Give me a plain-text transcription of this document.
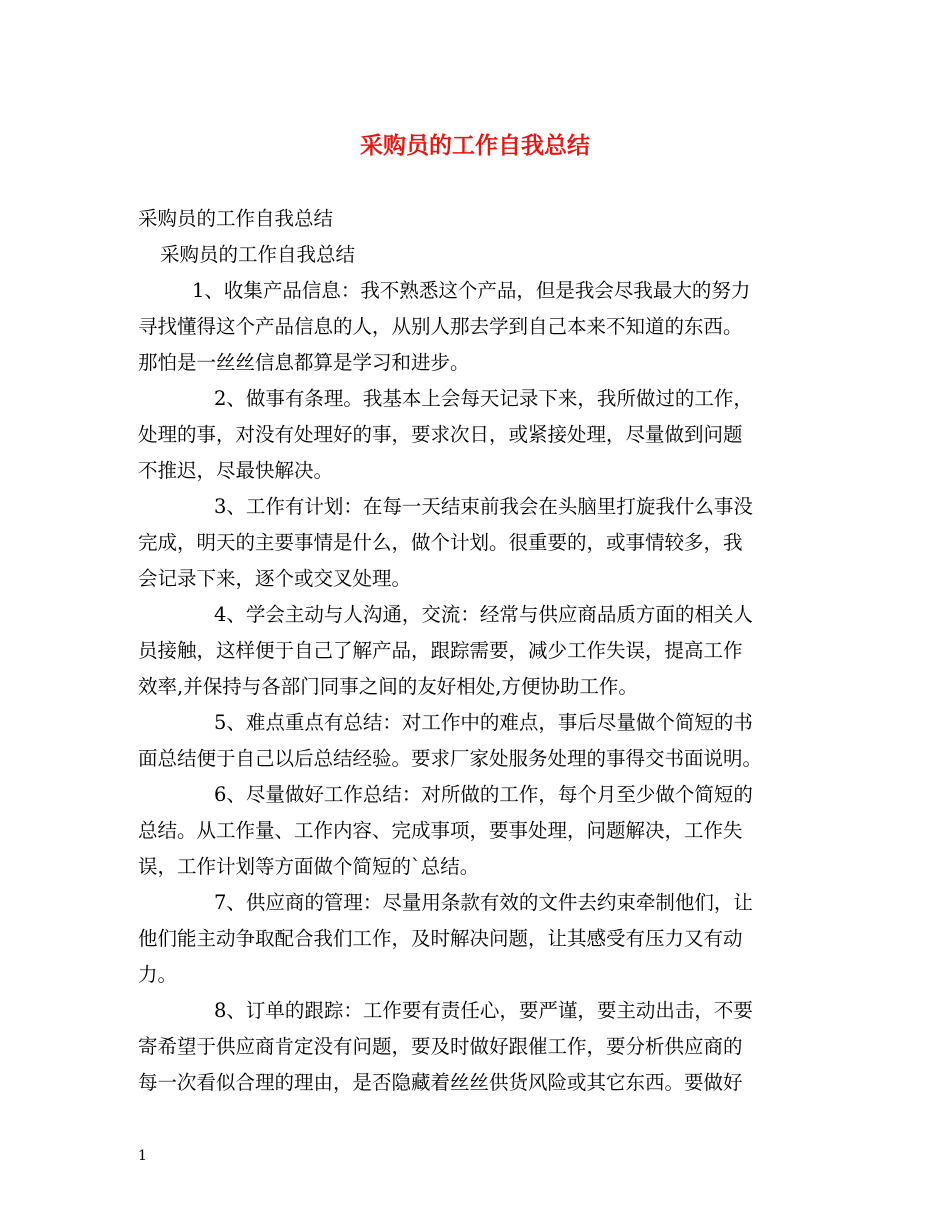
采购员的工作自我总结
采购员的工作自我总结
采购员的工作自我总结
1、收集产品信息：我不熟悉这个产品，但是我会尽我最大的努力
寻找懂得这个产品信息的人，从别人那去学到自己本来不知道的东西。
那怕是一丝丝信息都算是学习和进步。
2、做事有条理。我基本上会每天记录下来，我所做过的工作，
处理的事，对没有处理好的事，要求次日，或紧接处理，尽量做到问题
不推迟，尽最快解决。
3、工作有计划：在每一天结束前我会在头脑里打旋我什么事没
完成，明天的主要事情是什么，做个计划。很重要的，或事情较多，我
会记录下来，逐个或交叉处理。
4、学会主动与人沟通，交流：经常与供应商品质方面的相关人
员接触，这样便于自己了解产品，跟踪需要，减少工作失误，提高工作
效率,并保持与各部门同事之间的友好相处,方便协助工作。
5、难点重点有总结：对工作中的难点，事后尽量做个简短的书
面总结便于自己以后总结经验。要求厂家处服务处理的事得交书面说明。
6、尽量做好工作总结：对所做的工作，每个月至少做个简短的
总结。从工作量、工作内容、完成事项，要事处理，问题解决，工作失
误，工作计划等方面做个简短的`总结。
7、供应商的管理：尽量用条款有效的文件去约束牵制他们，让
他们能主动争取配合我们工作，及时解决问题，让其感受有压力又有动
力。
8、订单的跟踪：工作要有责任心，要严谨，要主动出击，不要
寄希望于供应商肯定没有问题，要及时做好跟催工作，要分析供应商的
每一次看似合理的理由，是否隐藏着丝丝供货风险或其它东西。要做好
1
